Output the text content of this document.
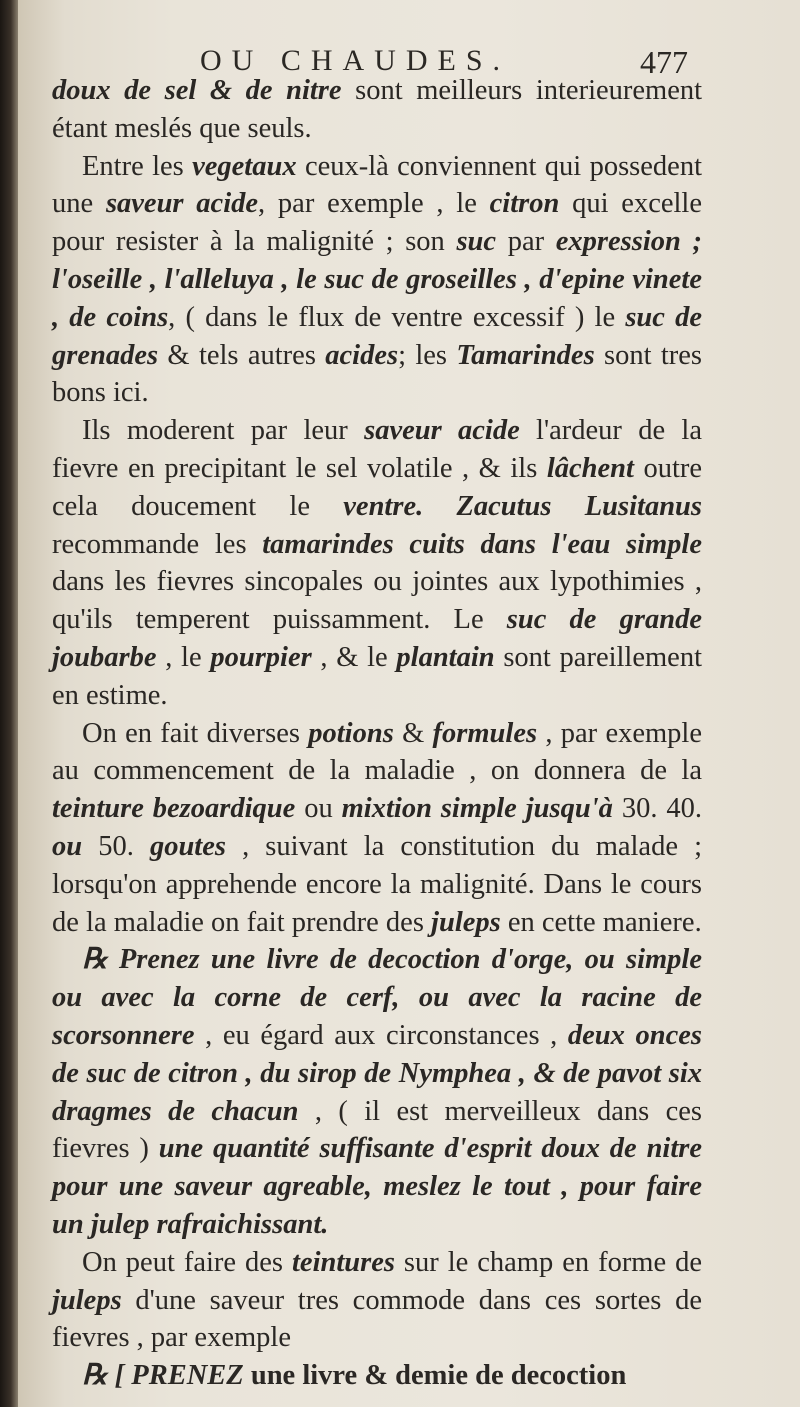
OU CHAUDES.	477

doux de sel & de nitre sont meilleurs interieurement étant meslés que seuls.

Entre les vegetaux ceux-là conviennent qui possedent une saveur acide, par exemple , le citron qui excelle pour resister à la malignité ; son suc par expression ; l'oseille , l'alleluya , le suc de groseilles , d'epine vinete , de coins, ( dans le flux de ventre excessif ) le suc de grenades & tels autres acides; les Tamarindes sont tres bons ici.

Ils moderent par leur saveur acide l'ardeur de la fievre en precipitant le sel volatile , & ils lâchent outre cela doucement le ventre. Zacutus Lusitanus recommande les tamarindes cuits dans l'eau simple dans les fievres sincopales ou jointes aux lypothimies , qu'ils temperent puissamment. Le suc de grande joubarbe , le pourpier , & le plantain sont pareillement en estime.

On en fait diverses potions & formules , par exemple au commencement de la maladie , on donnera de la teinture bezoardique ou mixtion simple jusqu'à 30. 40. ou 50. goutes , suivant la constitution du malade ; lorsqu'on apprehende encore la malignité. Dans le cours de la maladie on fait prendre des juleps en cette maniere.

℞ Prenez une livre de decoction d'orge, ou simple ou avec la corne de cerf, ou avec la racine de scorsonnere , eu égard aux circonstances , deux onces de suc de citron , du sirop de Nymphea , & de pavot six dragmes de chacun , ( il est merveilleux dans ces fievres ) une quantité suffisante d'esprit doux de nitre pour une saveur agreable, meslez le tout , pour faire un julep rafraichissant.

On peut faire des teintures sur le champ en forme de juleps d'une saveur tres commode dans ces sortes de fievres , par exemple

℞ [ PRENEZ une livre & demie de decoction
